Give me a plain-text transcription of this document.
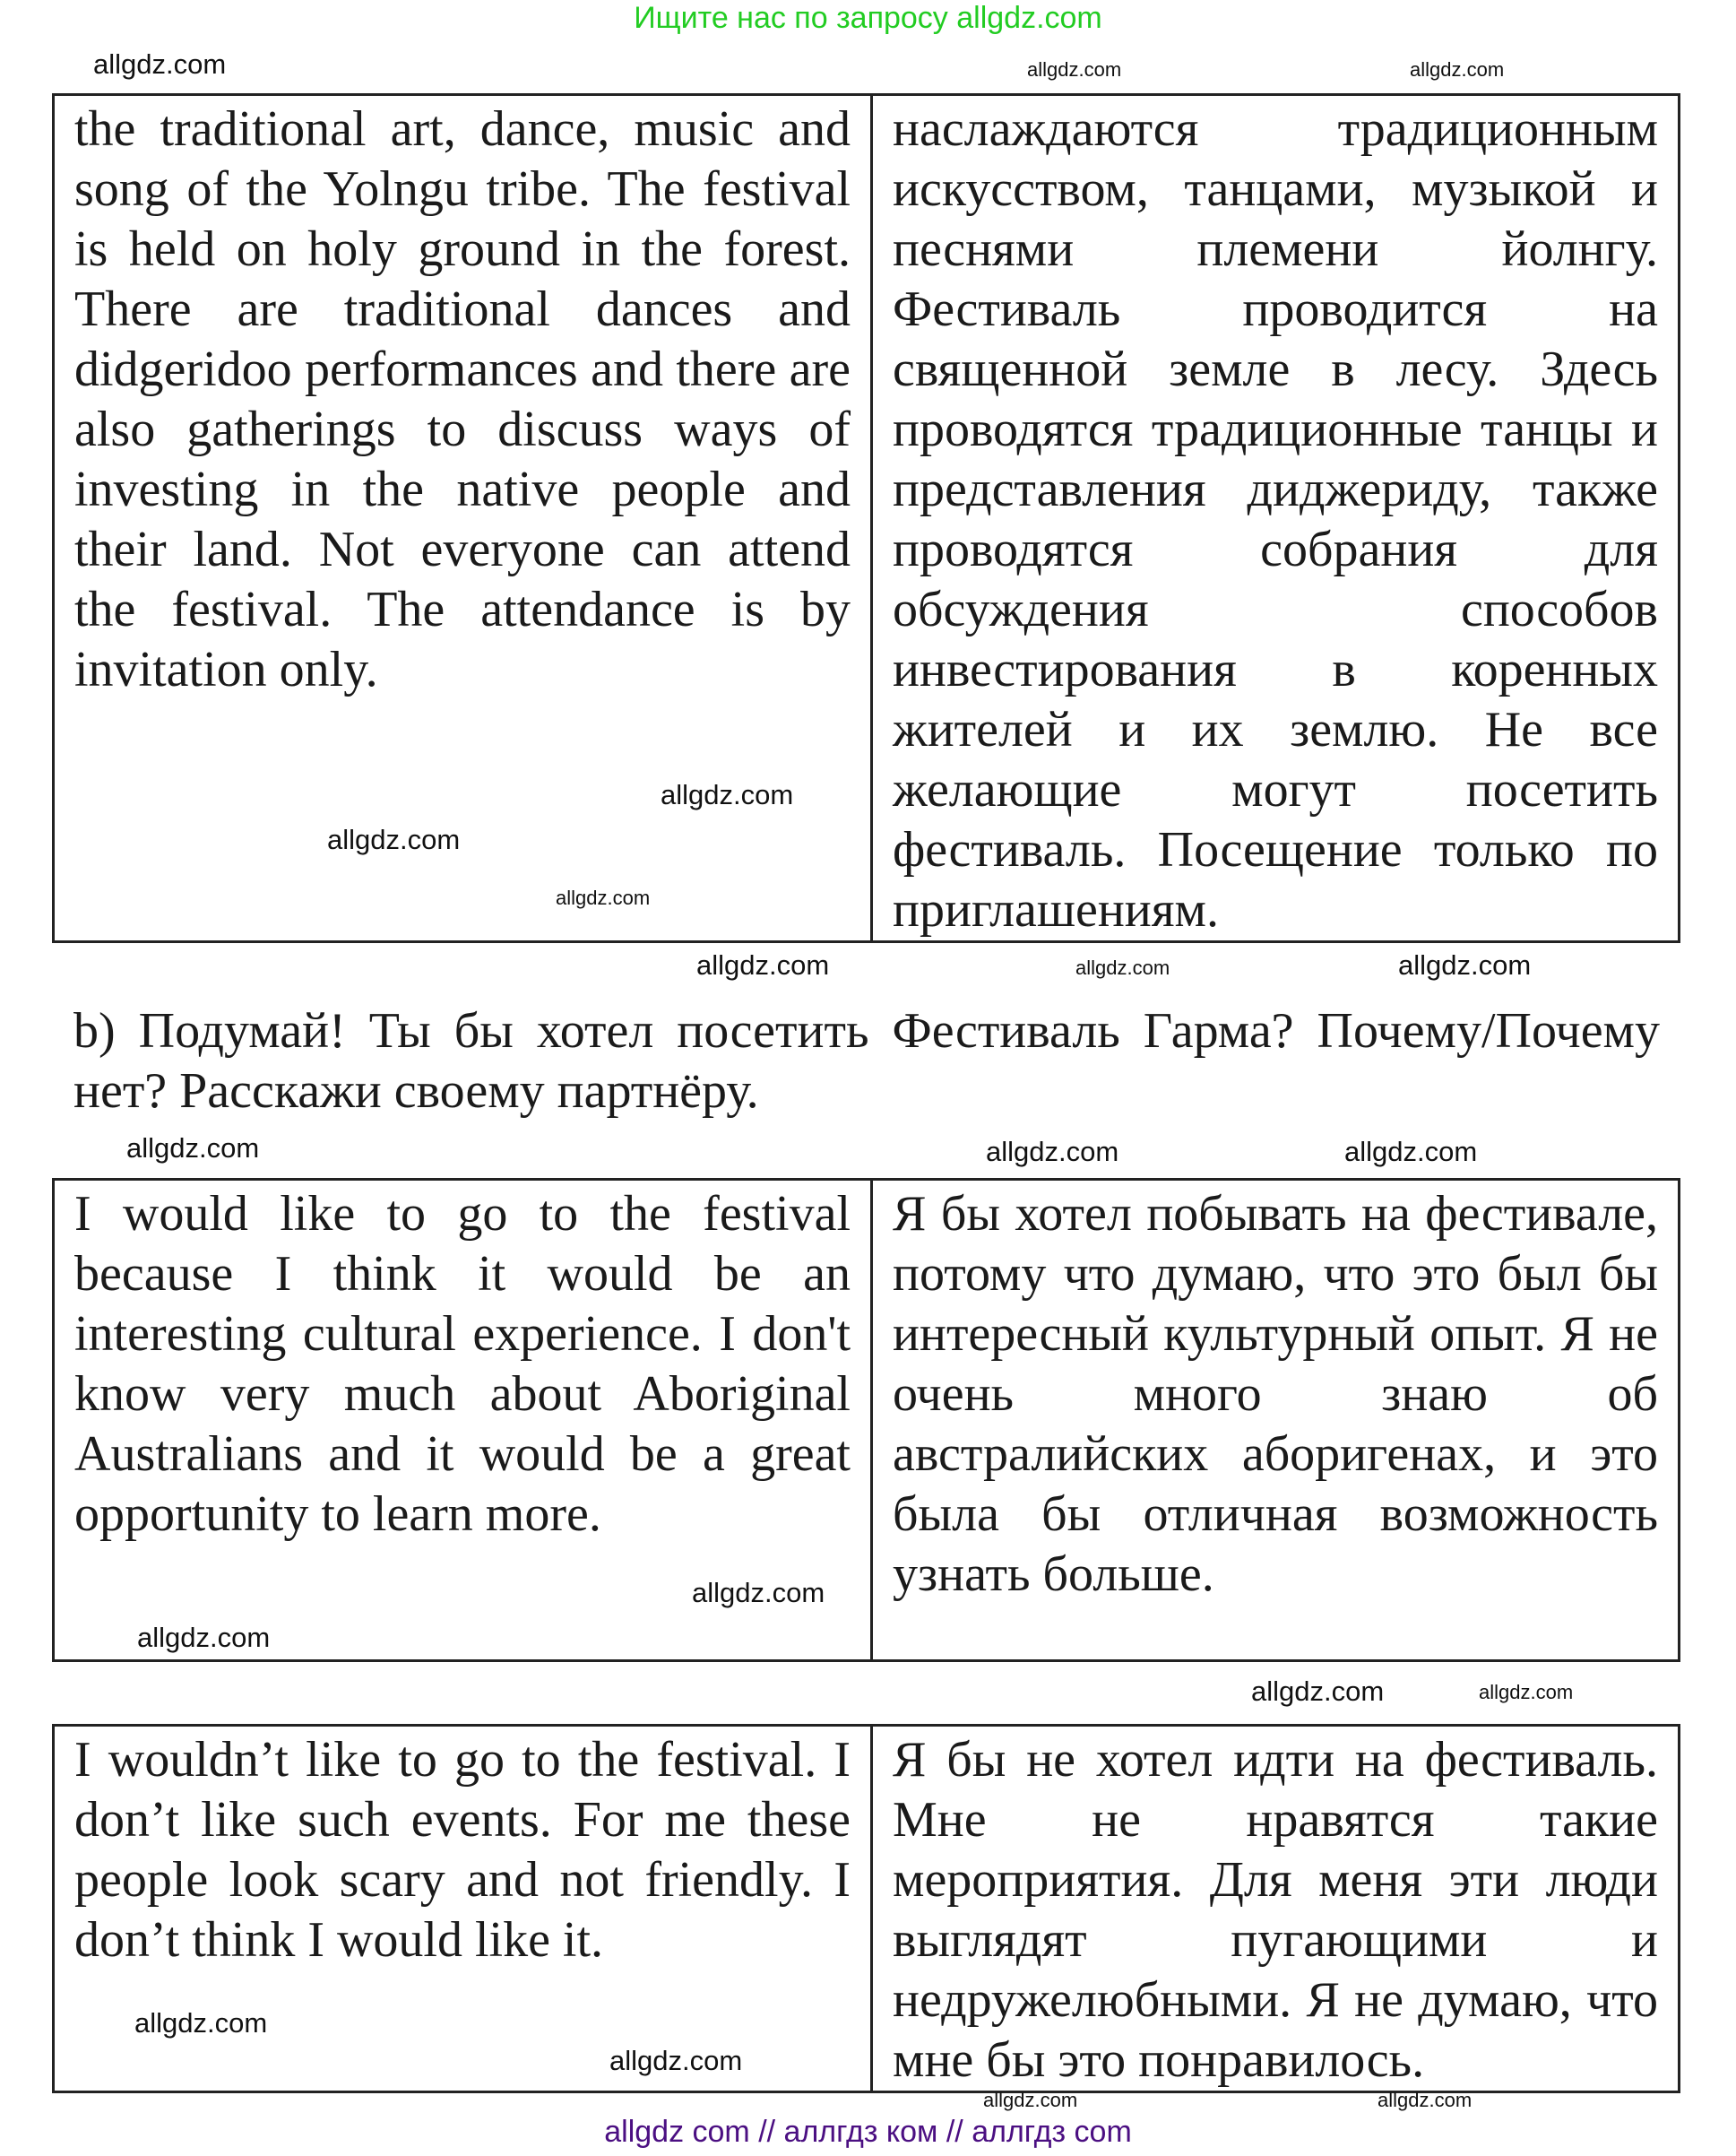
Ищите нас по запросу allgdz.com
the traditional art, dance, music and song of the Yolngu tribe. The festival is held on holy ground in the forest. There are traditional dances and didgeridoo performances and there are also gatherings to discuss ways of investing in the native people and their land. Not everyone can attend the festival. The attendance is by invitation only.	наслаждаются традиционным искусством, танцами, музыкой и песнями племени йолнгу. Фестиваль проводится на священной земле в лесу. Здесь проводятся традиционные танцы и представления диджериду, также проводятся собрания для обсуждения способов инвестирования в коренных жителей и их землю. Не все желающие могут посетить фестиваль. Посещение только по приглашениям.
b) Подумай! Ты бы хотел посетить Фестиваль Гарма? Почему/Почему нет? Расскажи своему партнёру.
I would like to go to the festival because I think it would be an interesting cultural experience. I don't know very much about Aboriginal Australians and it would be a great opportunity to learn more.	Я бы хотел побывать на фестивале, потому что думаю, что это был бы интересный культурный опыт. Я не очень много знаю об австралийских аборигенах, и это была бы отличная возможность узнать больше.
I wouldn’t like to go to the festival. I don’t like such events. For me these people look scary and not friendly. I don’t think I would like it.	Я бы не хотел идти на фестиваль. Мне не нравятся такие мероприятия. Для меня эти люди выглядят пугающими и недружелюбными. Я не думаю, что мне бы это понравилось.
allgdz.com	allgdz.com	allgdz.com
allgdz.com
allgdz.com
allgdz.com
allgdz.com	allgdz.com	allgdz.com
allgdz.com	allgdz.com	allgdz.com
allgdz.com
allgdz.com
allgdz.com	allgdz.com
allgdz.com
allgdz.com
allgdz.com	allgdz.com
allgdz com // аллгдз ком // аллгдз com
